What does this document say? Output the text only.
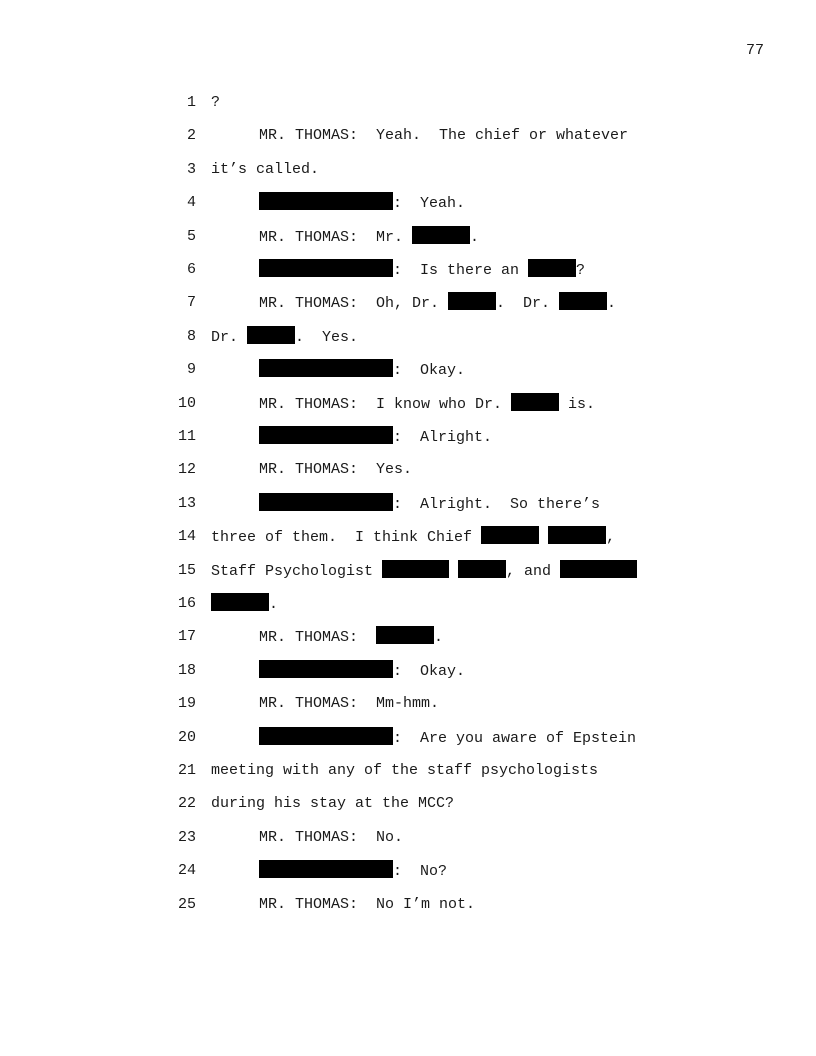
77
1 ?
2	MR. THOMAS:  Yeah.  The chief or whatever
3 it’s called.
4	:  Yeah.
5	MR. THOMAS:  Mr.	.
6	:  Is there an	?
7	MR. THOMAS:  Oh, Dr.	.  Dr.	.
8 Dr.	.  Yes.
9	:  Okay.
10	MR. THOMAS:  I know who Dr.	is.
11	:  Alright.
12	MR. THOMAS:  Yes.
13	:  Alright.  So there’s
14 three of them.  I think Chief	,
15 Staff Psychologist	, and
16	.
17	MR. THOMAS:	.
18	:  Okay.
19	MR. THOMAS:  Mm-hmm.
20	:  Are you aware of Epstein
21 meeting with any of the staff psychologists
22 during his stay at the MCC?
23	MR. THOMAS:  No.
24	:  No?
25	MR. THOMAS:  No I’m not.
